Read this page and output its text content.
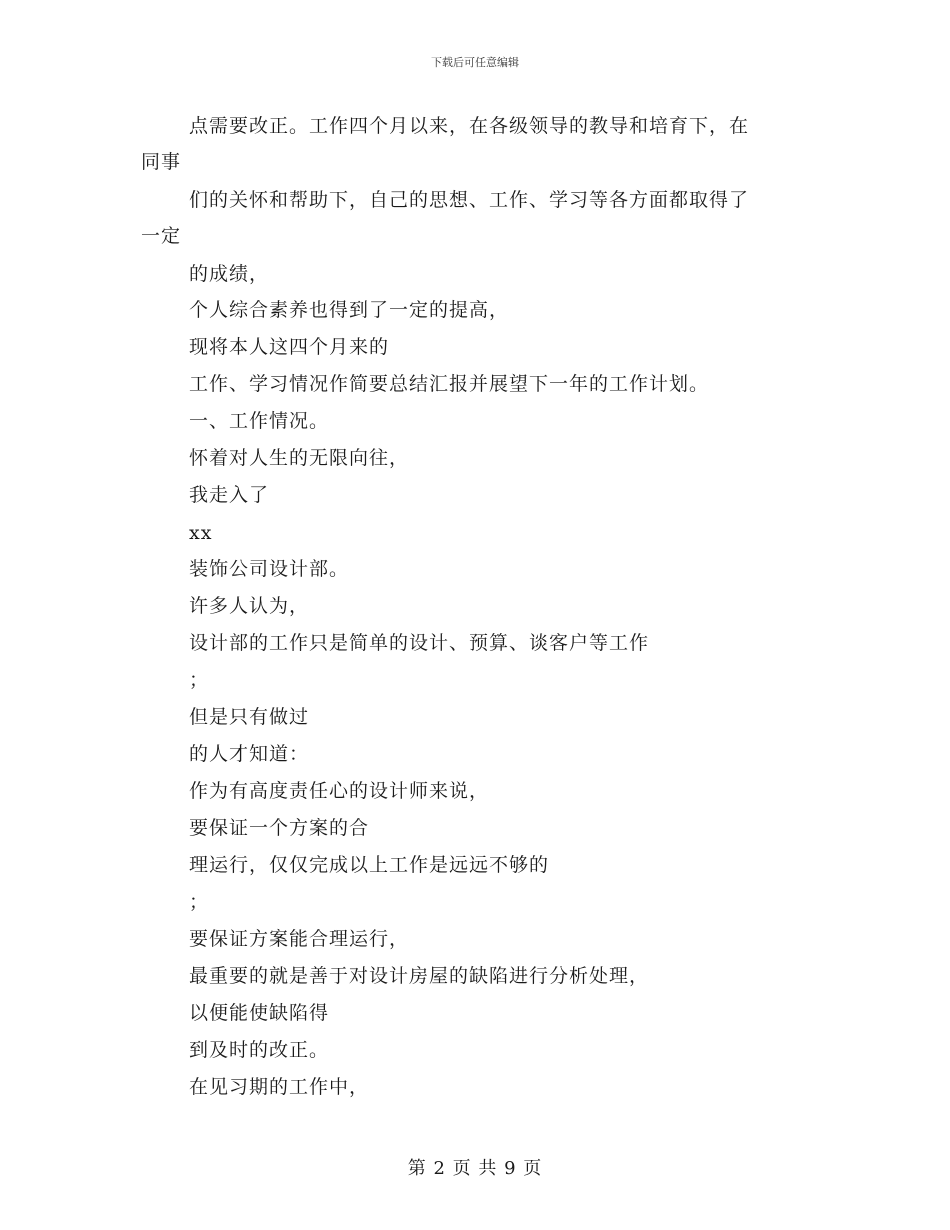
下载后可任意编辑
点需要改正。工作四个月以来，在各级领导的教导和培育下，在
同事
们的关怀和帮助下，自己的思想、工作、学习等各方面都取得了
一定
的成绩，
个人综合素养也得到了一定的提高，
现将本人这四个月来的
工作、学习情况作简要总结汇报并展望下一年的工作计划。
一、工作情况。
怀着对人生的无限向往，
我走入了
xx
装饰公司设计部。
许多人认为，
设计部的工作只是简单的设计、预算、谈客户等工作
；
但是只有做过
的人才知道：
作为有高度责任心的设计师来说，
要保证一个方案的合
理运行，仅仅完成以上工作是远远不够的
；
要保证方案能合理运行，
最重要的就是善于对设计房屋的缺陷进行分析处理，
以便能使缺陷得
到及时的改正。
在见习期的工作中，
第 2 页 共 9 页
